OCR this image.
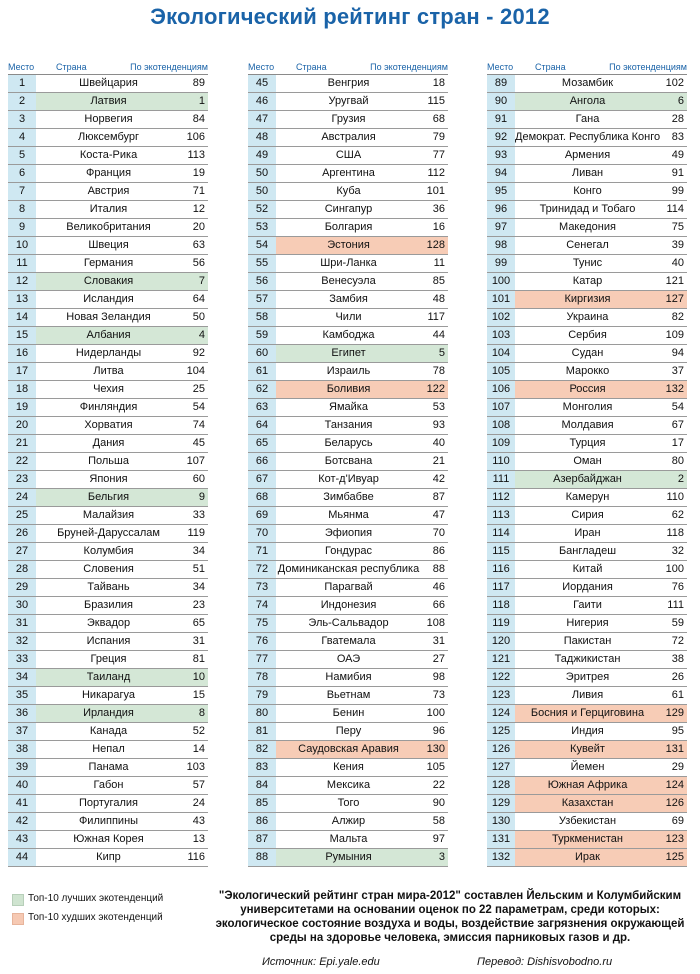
Экологический рейтинг стран - 2012
Место Страна	По экотенденциям
1	Швейцария	89
2	Латвия	1
3	Норвегия	84
4	Люксембург	106
5	Коста-Рика	113
6	Франция	19
7	Австрия	71
8	Италия	12
9	Великобритания	20
10	Швеция	63
11	Германия	56
12	Словакия	7
13	Исландия	64
14	Новая Зеландия	50
15	Албания	4
16	Нидерланды	92
17	Литва	104
18	Чехия	25
19	Финляндия	54
20	Хорватия	74
21	Дания	45
22	Польша	107
23	Япония	60
24	Бельгия	9
25	Малайзия	33
26	Бруней-Даруссалам	119
27	Колумбия	34
28	Словения	51
29	Тайвань	34
30	Бразилия	23
31	Эквадор	65
32	Испания	31
33	Греция	81
34	Таиланд	10
35	Никарагуа	15
36	Ирландия	8
37	Канада	52
38	Непал	14
39	Панама	103
40	Габон	57
41	Португалия	24
42	Филиппины	43
43	Южная Корея	13
44	Кипр	116
Место Страна	По экотенденциям
45	Венгрия	18
46	Уругвай	115
47	Грузия	68
48	Австралия	79
49	США	77
50	Аргентина	112
50	Куба	101
52	Сингапур	36
53	Болгария	16
54	Эстония	128
55	Шри-Ланка	11
56	Венесуэла	85
57	Замбия	48
58	Чили	117
59	Камбоджа	44
60	Египет	5
61	Израиль	78
62	Боливия	122
63	Ямайка	53
64	Танзания	93
65	Беларусь	40
66	Ботсвана	21
67	Кот-д'Ивуар	42
68	Зимбабве	87
69	Мьянма	47
70	Эфиопия	70
71	Гондурас	86
72 Доминиканская республика 88
73	Парагвай	46
74	Индонезия	66
75	Эль-Сальвадор	108
76	Гватемала	31
77	ОАЭ	27
78	Намибия	98
79	Вьетнам	73
80	Бенин	100
81	Перу	96
82	Саудовская Аравия	130
83	Кения	105
84	Мексика	22
85	Того	90
86	Алжир	58
87	Мальта	97
88	Румыния	3
Место Страна	По экотенденциям
89	Мозамбик	102
90	Ангола	6
91	Гана	28
92 Демократ. Республика Конго 83
93	Армения	49
94	Ливан	91
95	Конго	99
96	Тринидад и Тобаго	114
97	Македония	75
98	Сенегал	39
99	Тунис	40
100	Катар	121
101	Киргизия	127
102	Украина	82
103	Сербия	109
104	Судан	94
105	Марокко	37
106	Россия	132
107	Монголия	54
108	Молдавия	67
109	Турция	17
110	Оман	80
111	Азербайджан	2
112	Камерун	110
113	Сирия	62
114	Иран	118
115	Бангладеш	32
116	Китай	100
117	Иордания	76
118	Гаити	111
119	Нигерия	59
120	Пакистан	72
121	Таджикистан	38
122	Эритрея	26
123	Ливия	61
124	Босния и Герциговина	129
125	Индия	95
126	Кувейт	131
127	Йемен	29
128	Южная Африка	124
129	Казахстан	126
130	Узбекистан	69
131	Туркменистан	123
132	Ирак	125
Топ-10 лучших экотенденций
Топ-10 худших экотенденций
"Экологический рейтинг стран мира-2012" составлен Йельским и Колумбийским университетами на основании оценок по 22 параметрам, среди которых: экологическое состояние воздуха и воды, воздействие загрязнения окружающей среды на здоровье человека, эмиссия парниковых газов и др.
Источник: Epi.yale.edu	Перевод: Dishisvobodno.ru
